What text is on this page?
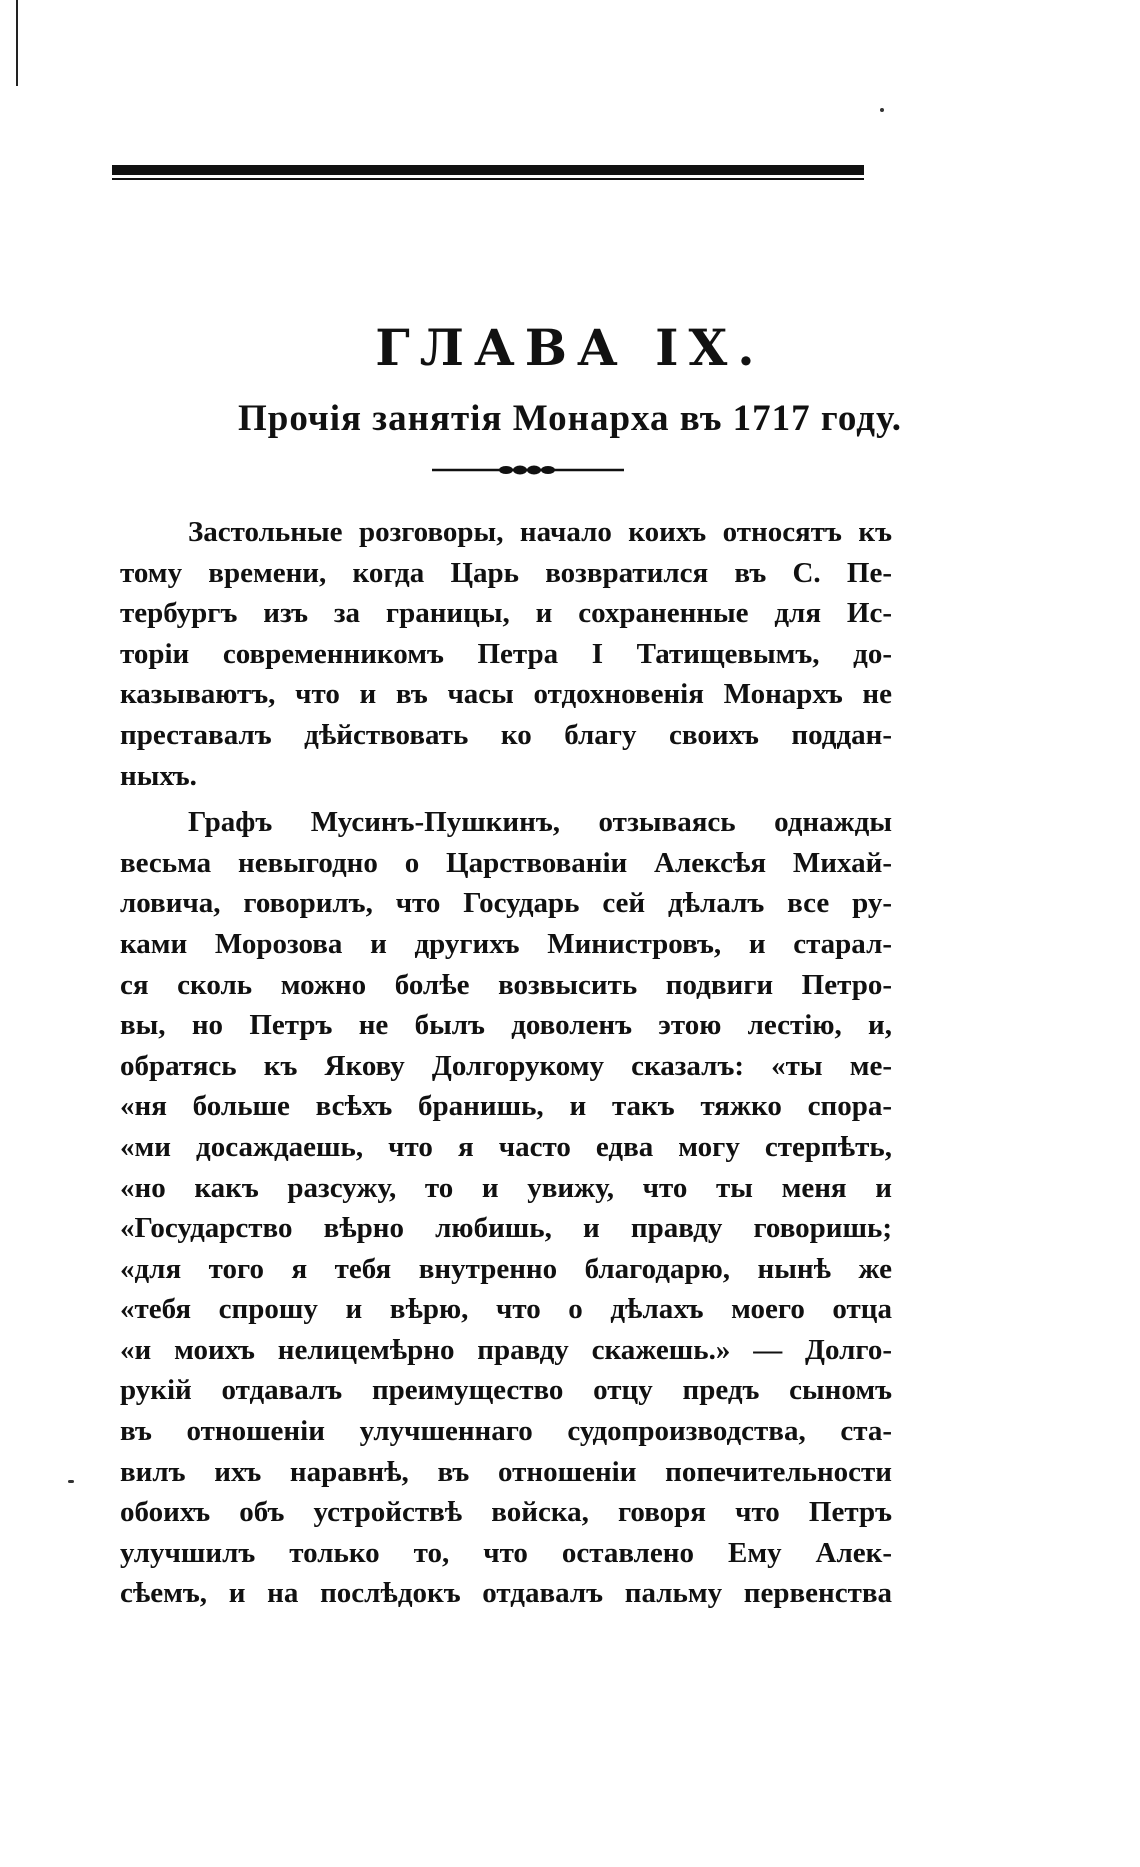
ГЛАВА IX.
Прочія занятія Монарха въ 1717 году.
Застольные розговоры, начало коихъ относятъ къ
тому времени, когда Царь возвратился въ С. Пе-
тербургъ изъ за границы, и сохраненные для Ис-
торіи современникомъ Петра I Татищевымъ, до-
казываютъ, что и въ часы отдохновенія Монархъ не
преставалъ дѣйствовать ко благу своихъ поддан-
ныхъ.
Графъ Мусинъ-Пушкинъ, отзываясь однажды
весьма невыгодно о Царствованіи Алексѣя Михай-
ловича, говорилъ, что Государь сей дѣлалъ все ру-
ками Морозова и другихъ Министровъ, и старал-
ся сколь можно болѣе возвысить подвиги Петро-
вы, но Петръ не былъ доволенъ этою лестію, и,
обратясь къ Якову Долгорукому сказалъ: «ты ме-
«ня больше всѣхъ бранишь, и такъ тяжко спора-
«ми досаждаешь, что я часто едва могу стерпѣть,
«но какъ разсужу, то и увижу, что ты меня и
«Государство вѣрно любишь, и правду говоришь;
«для того я тебя внутренно благодарю, нынѣ же
«тебя спрошу и вѣрю, что о дѣлахъ моего отца
«и моихъ нелицемѣрно правду скажешь.» — Долго-
рукій отдавалъ преимущество отцу предъ сыномъ
въ отношеніи улучшеннаго судопроизводства, ста-
вилъ ихъ наравнѣ, въ отношеніи попечительности
обоихъ объ устройствѣ войска, говоря что Петръ
улучшилъ только то, что оставлено Ему Алек-
сѣемъ, и на послѣдокъ отдавалъ пальму первенства
